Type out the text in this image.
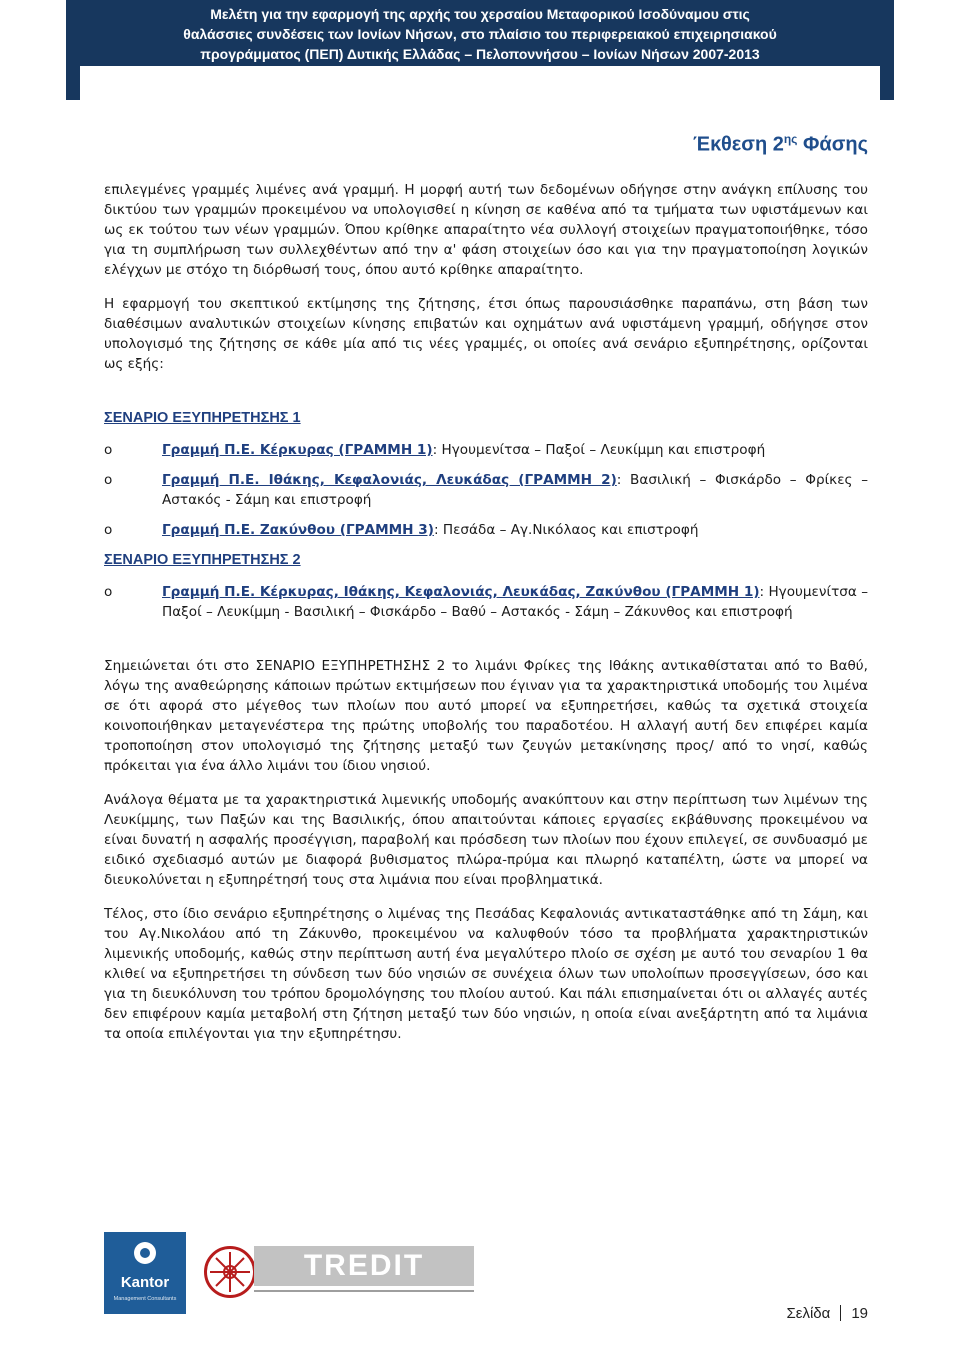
Μελέτη για την εφαρμογή της αρχής του χερσαίου Μεταφορικού Ισοδύναμου στις
θαλάσσιες συνδέσεις των Ιονίων Νήσων, στο πλαίσιο του περιφερειακού επιχειρησιακού
προγράμματος (ΠΕΠ) Δυτικής Ελλάδας – Πελοποννήσου – Ιονίων Νήσων 2007-2013
Έκθεση $2^{\eta\varsigma}$ Φάσης

επιλεγμένες γραμμές λιμένες ανά γραμμή. Η μορφή αυτή των δεδομένων οδήγησε στην ανάγκη επίλυσης του δικτύου των γραμμών προκειμένου να υπολογισθεί η κίνηση σε καθένα από τα τμήματα των υφιστάμενων και ως εκ τούτου των νέων γραμμών. Όπου κρίθηκε απαραίτητο νέα συλλογή στοιχείων πραγματοποιήθηκε, τόσο για τη συμπλήρωση των συλλεχθέντων από την α' φάση στοιχείων όσο και για την πραγματοποίηση λογικών ελέγχων με στόχο τη διόρθωσή τους, όπου αυτό κρίθηκε απαραίτητο.

Η εφαρμογή του σκεπτικού εκτίμησης της ζήτησης, έτσι όπως παρουσιάσθηκε παραπάνω, στη βάση των διαθέσιμων αναλυτικών στοιχείων κίνησης επιβατών και οχημάτων ανά υφιστάμενη γραμμή, οδήγησε στον υπολογισμό της ζήτησης σε κάθε μία από τις νέες γραμμές, οι οποίες ανά σενάριο εξυπηρέτησης, ορίζονται ως εξής:

ΣΕΝΑΡΙΟ ΕΞΥΠΗΡΕΤΗΣΗΣ 1
o	Γραμμή Π.Ε. Κέρκυρας (ΓΡΑΜΜΗ 1): Ηγουμενίτσα – Παξοί – Λευκίμμη και επιστροφή
o	Γραμμή Π.Ε. Ιθάκης, Κεφαλονιάς, Λευκάδας (ΓΡΑΜΜΗ 2): Βασιλική – Φισκάρδο – Φρίκες – Αστακός - Σάμη και επιστροφή
o	Γραμμή Π.Ε. Ζακύνθου (ΓΡΑΜΜΗ 3): Πεσάδα – Αγ.Νικόλαος και επιστροφή
ΣΕΝΑΡΙΟ ΕΞΥΠΗΡΕΤΗΣΗΣ 2
o	Γραμμή Π.Ε. Κέρκυρας, Ιθάκης, Κεφαλονιάς, Λευκάδας, Ζακύνθου (ΓΡΑΜΜΗ 1): Ηγουμενίτσα – Παξοί – Λευκίμμη - Βασιλική – Φισκάρδο – Βαθύ – Αστακός - Σάμη – Ζάκυνθος και επιστροφή

Σημειώνεται ότι στο ΣΕΝΑΡΙΟ ΕΞΥΠΗΡΕΤΗΣΗΣ 2 το λιμάνι Φρίκες της Ιθάκης αντικαθίσταται από το Βαθύ, λόγω της αναθεώρησης κάποιων πρώτων εκτιμήσεων που έγιναν για τα χαρακτηριστικά υποδομής του λιμένα σε ότι αφορά στο μέγεθος των πλοίων που αυτό μπορεί να εξυπηρετήσει, καθώς τα σχετικά στοιχεία κοινοποιήθηκαν μεταγενέστερα της πρώτης υποβολής του παραδοτέου. Η αλλαγή αυτή δεν επιφέρει καμία τροποποίηση στον υπολογισμό της ζήτησης μεταξύ των ζευγών μετακίνησης προς/ από το νησί, καθώς πρόκειται για ένα άλλο λιμάνι του ίδιου νησιού.

Ανάλογα θέματα με τα χαρακτηριστικά λιμενικής υποδομής ανακύπτουν και στην περίπτωση των λιμένων της Λευκίμμης, των Παξών και της Βασιλικής, όπου απαιτούνται κάποιες εργασίες εκβάθυνσης προκειμένου να είναι δυνατή η ασφαλής προσέγγιση, παραβολή και πρόσδεση των πλοίων που έχουν επιλεγεί, σε συνδυασμό με ειδικό σχεδιασμό αυτών με διαφορά βυθισματος πλώρα-πρύμα και πλωρηό καταπέλτη, ώστε να μπορεί να διευκολύνεται η εξυπηρέτησή τους στα λιμάνια που είναι προβληματικά.

Τέλος, στο ίδιο σενάριο εξυπηρέτησης ο λιμένας της Πεσάδας Κεφαλονιάς αντικαταστάθηκε από τη Σάμη, και του Αγ.Νικολάου από τη Ζάκυνθο, προκειμένου να καλυφθούν τόσο τα προβλήματα χαρακτηριστικών λιμενικής υποδομής, καθώς στην περίπτωση αυτή ένα μεγαλύτερο πλοίο σε σχέση με αυτό του σεναρίου 1 θα κλιθεί να εξυπηρετήσει τη σύνδεση των δύο νησιών σε συνέχεια όλων των υπολοίπων προσεγγίσεων, όσο και για τη διευκόλυνση του τρόπου δρομολόγησης του πλοίου αυτού. Και πάλι επισημαίνεται ότι οι αλλαγές αυτές δεν επιφέρουν καμία μεταβολή στη ζήτηση μεταξύ των δύο νησιών, η οποία είναι ανεξάρτητη από τα λιμάνια τα οποία επιλέγονται για την εξυπηρέτησυ.

Kantor
Management Consultants
TREDIT
Σελίδα 19
